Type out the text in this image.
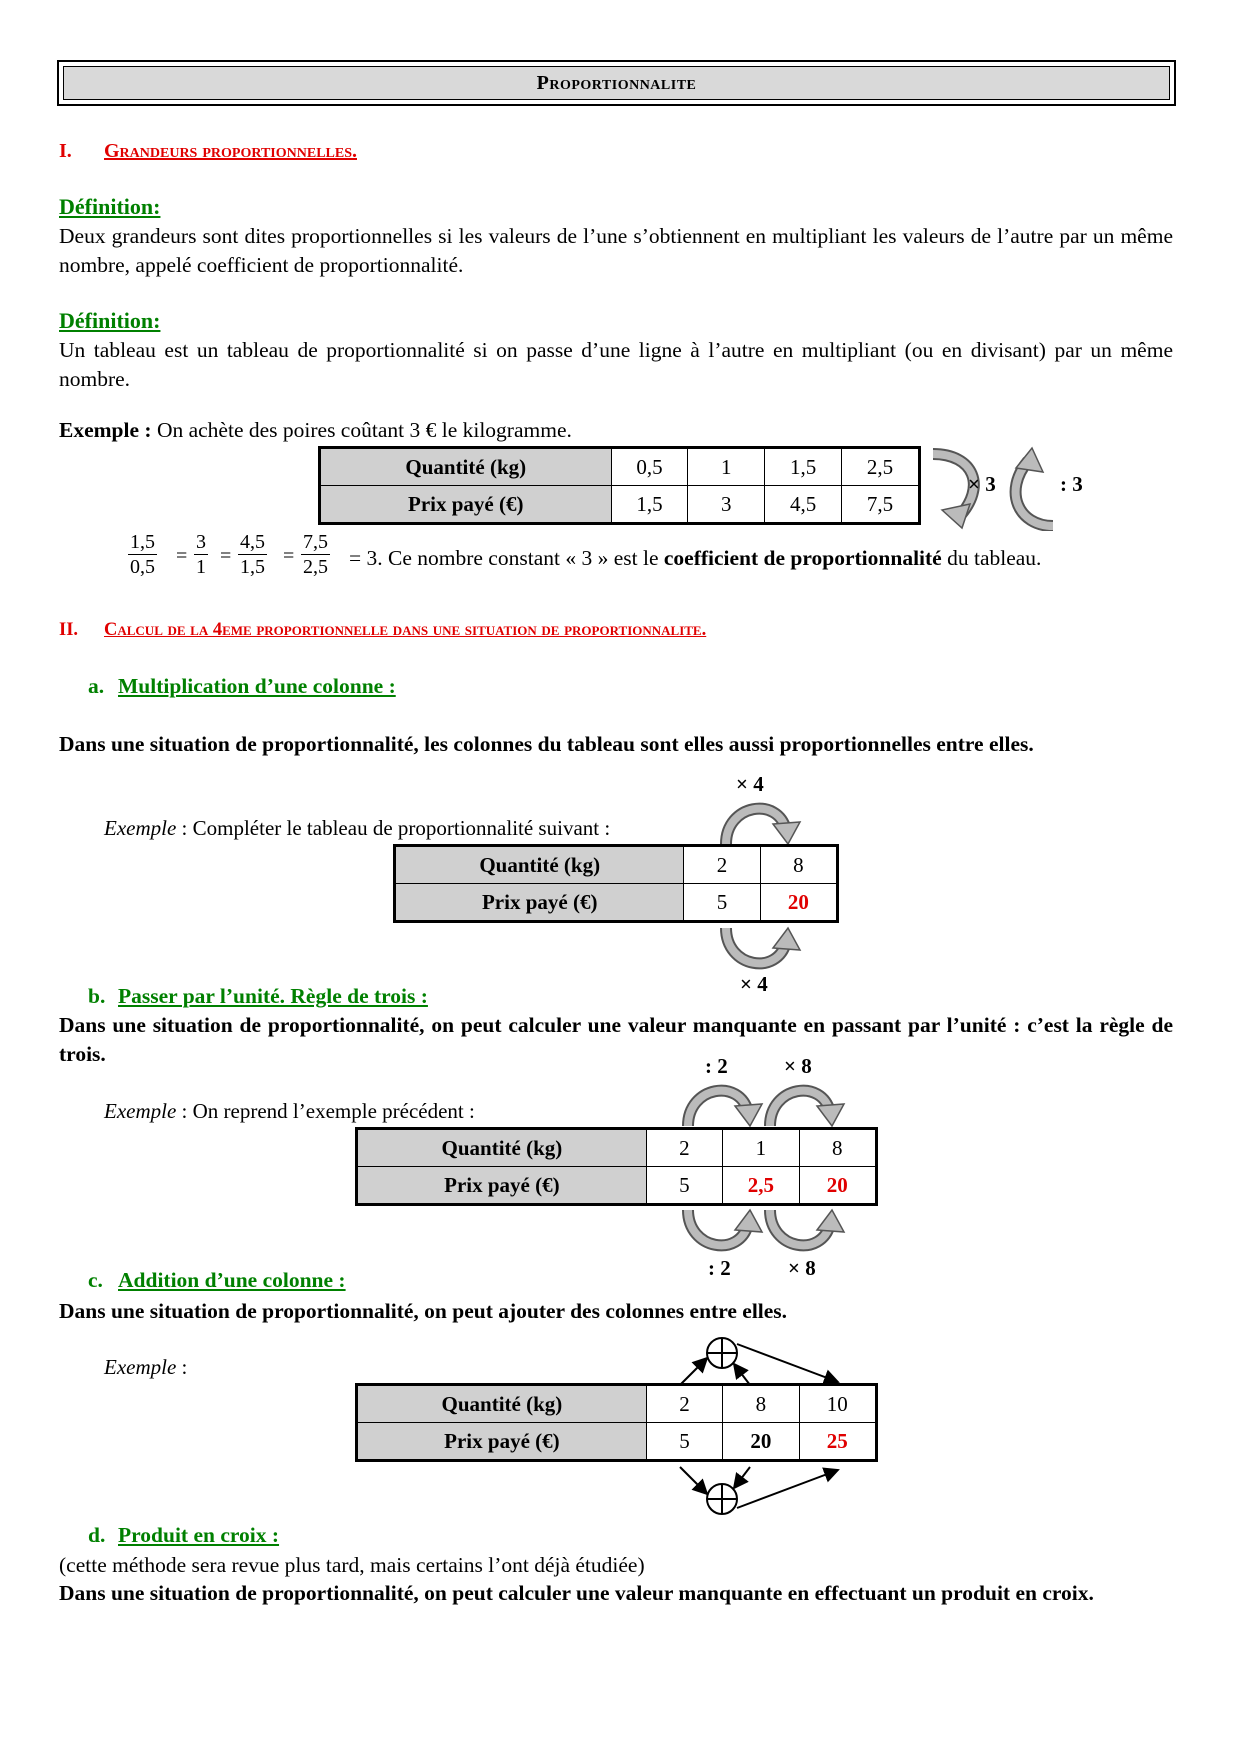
Proportionnalite
I. Grandeurs proportionnelles.
Définition:
Deux grandeurs sont dites proportionnelles si les valeurs de l’une s’obtiennent en multipliant les valeurs de l’autre par un même nombre, appelé coefficient de proportionnalité.
Définition:
Un tableau est un tableau de proportionnalité si on passe d’une ligne à l’autre en multipliant (ou en divisant) par un même nombre.
Exemple : On achète des poires coûtant 3 € le kilogramme.
Quantité (kg)	0,5	1	1,5	2,5
Prix payé (€)	1,5	3	4,5	7,5
× 3	: 3
$\frac{1,5}{0,5} = \frac{3}{1} = \frac{4,5}{1,5} = \frac{7,5}{2,5} = 3$. Ce nombre constant « 3 » est le coefficient de proportionnalité du tableau.
II. Calcul de la 4eme proportionnelle dans une situation de proportionnalite.
a. Multiplication d’une colonne :
Dans une situation de proportionnalité, les colonnes du tableau sont elles aussi proportionnelles entre elles.
Exemple : Compléter le tableau de proportionnalité suivant :
× 4
Quantité (kg)	2	8
Prix payé (€)	5	20
× 4
b. Passer par l’unité. Règle de trois :
Dans une situation de proportionnalité, on peut calculer une valeur manquante en passant par l’unité : c’est la règle de trois.	: 2	× 8
Exemple : On reprend l’exemple précédent :
Quantité (kg)	2	1	8
Prix payé (€)	5	2,5	20
: 2	× 8
c. Addition d’une colonne :
Dans une situation de proportionnalité, on peut ajouter des colonnes entre elles.
Exemple :
Quantité (kg)	2	8	10
Prix payé (€)	5	20	25
d. Produit en croix :
(cette méthode sera revue plus tard, mais certains l’ont déjà étudiée)
Dans une situation de proportionnalité, on peut calculer une valeur manquante en effectuant un produit en croix.
